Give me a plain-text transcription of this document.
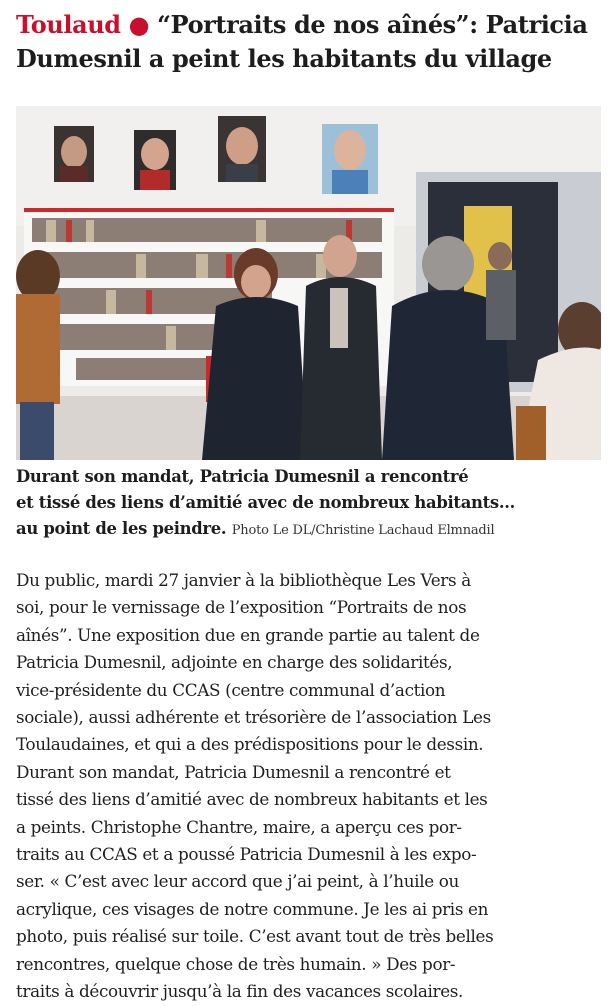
Toulaud ● “Portraits de nos aînés”: Patricia
Dumesnil a peint les habitants du village

Durant son mandat, Patricia Dumesnil a rencontré
et tissé des liens d’amitié avec de nombreux habitants…
au point de les peindre. Photo Le DL/Christine Lachaud Elmnadil

Du public, mardi 27 janvier à la bibliothèque Les Vers à
soi, pour le vernissage de l’exposition “Portraits de nos
aînés”. Une exposition due en grande partie au talent de
Patricia Dumesnil, adjointe en charge des solidarités,
vice-présidente du CCAS (centre communal d’action
sociale), aussi adhérente et trésorière de l’association Les
Toulaudaines, et qui a des prédispositions pour le dessin.
Durant son mandat, Patricia Dumesnil a rencontré et
tissé des liens d’amitié avec de nombreux habitants et les
a peints. Christophe Chantre, maire, a aperçu ces por-
traits au CCAS et a poussé Patricia Dumesnil à les expo-
ser. « C’est avec leur accord que j’ai peint, à l’huile ou
acrylique, ces visages de notre commune. Je les ai pris en
photo, puis réalisé sur toile. C’est avant tout de très belles
rencontres, quelque chose de très humain. » Des por-
traits à découvrir jusqu’à la fin des vacances scolaires.
